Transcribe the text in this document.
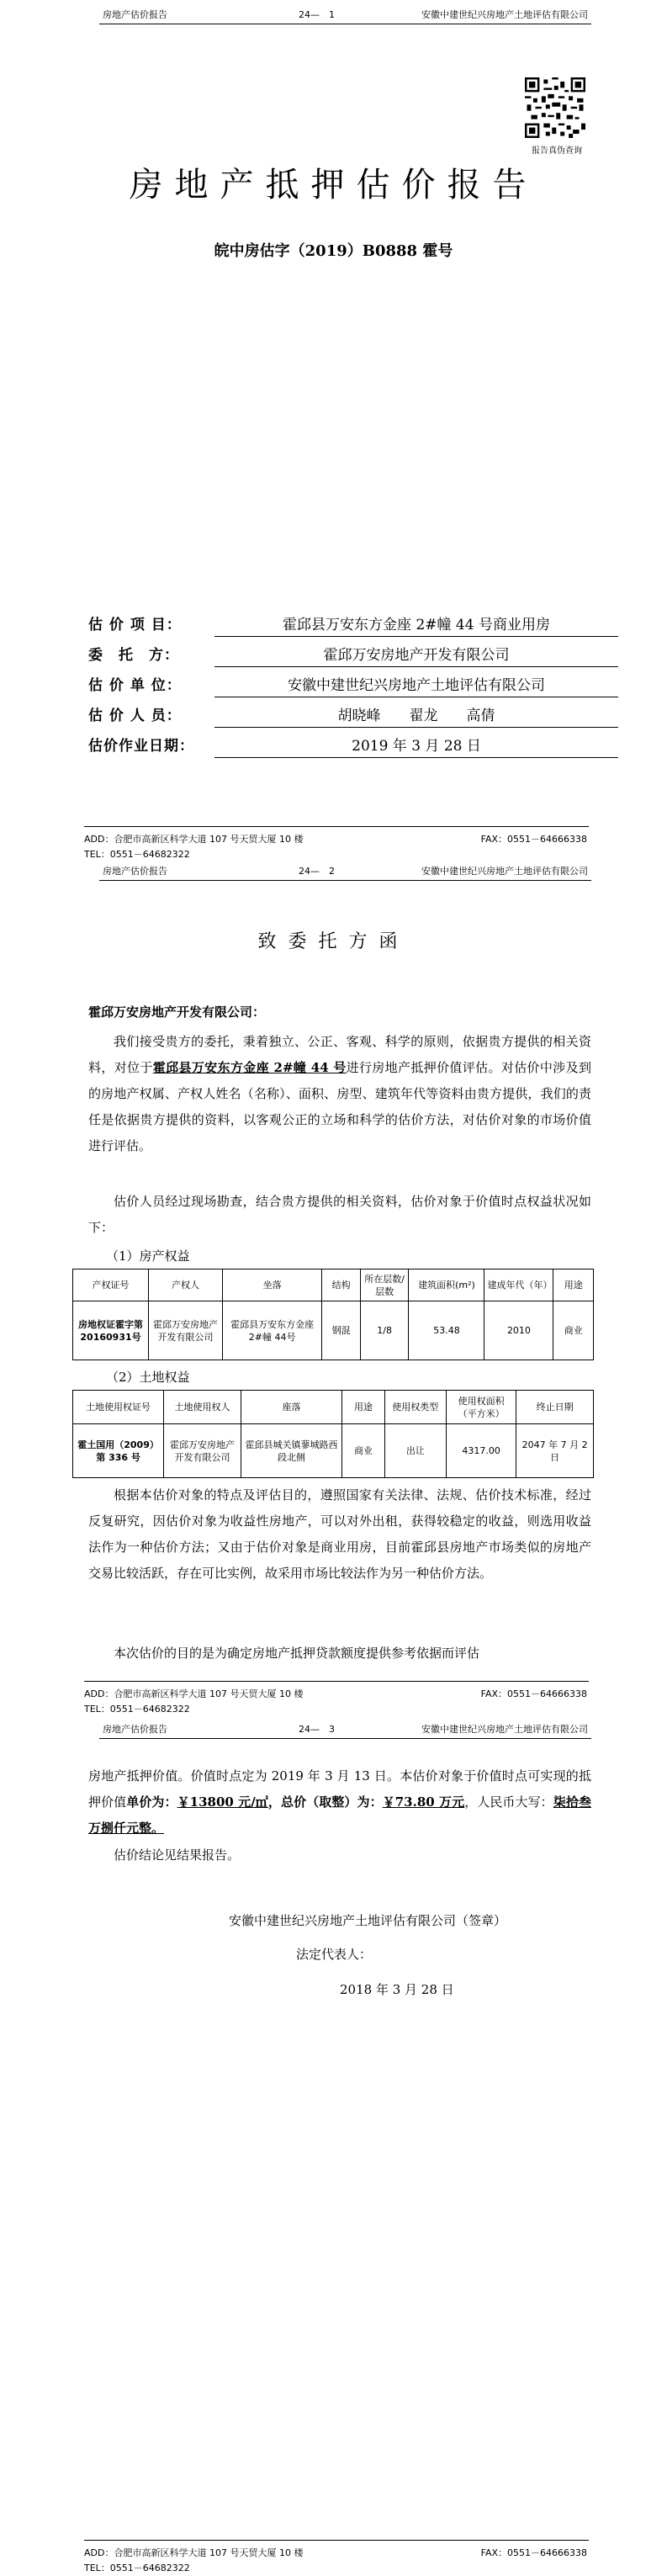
房地产估价报告	24—　1	安徽中建世纪兴房地产土地评估有限公司
报告真伪查询
房地产抵押估价报告
皖中房估字（2019）B0888 霍号
估 价 项 目：	霍邱县万安东方金座 2#幢 44 号商业用房
委　托　方：	霍邱万安房地产开发有限公司
估 价 单 位：	安徽中建世纪兴房地产土地评估有限公司
估 价 人 员：	胡晓峰　　翟龙　　高倩
估价作业日期：	2019 年 3 月 28 日
ADD：合肥市高新区科学大道 107 号天贸大厦 10 楼
TEL：0551－64682322
FAX：0551－64666338
房地产估价报告	24—　2	安徽中建世纪兴房地产土地评估有限公司
致委托方函
霍邱万安房地产开发有限公司：
我们接受贵方的委托，秉着独立、公正、客观、科学的原则，依据贵方提供的相关资料，对位于霍邱县万安东方金座 2#幢 44 号进行房地产抵押价值评估。对估价中涉及到的房地产权属、产权人姓名（名称）、面积、房型、建筑年代等资料由贵方提供，我们的责任是依据贵方提供的资料，以客观公正的立场和科学的估价方法，对估价对象的市场价值进行评估。
估价人员经过现场勘查，结合贵方提供的相关资料，估价对象于价值时点权益状况如下：
（1）房产权益
产权证号	产权人	坐落	结构	所在层数/层数	建筑面积(m²)	建成年代（年）	用途
房地权证霍字第20160931号	霍邱万安房地产开发有限公司	霍邱县万安东方金座 2#幢 44号	钢混	1/8	53.48	2010	商业
（2）土地权益
土地使用权证号	土地使用权人	座落	用途	使用权类型	使用权面积（平方米）	终止日期
霍土国用（2009）第 336 号	霍邱万安房地产开发有限公司	霍邱县城关镇蓼城路西段北侧	商业	出让	4317.00	2047 年 7 月 2 日
根据本估价对象的特点及评估目的，遵照国家有关法律、法规、估价技术标准，经过反复研究，因估价对象为收益性房地产，可以对外出租，获得较稳定的收益，则选用收益法作为一种估价方法；又由于估价对象是商业用房，目前霍邱县房地产市场类似的房地产交易比较活跃，存在可比实例，故采用市场比较法作为另一种估价方法。
本次估价的目的是为确定房地产抵押贷款额度提供参考依据而评估
ADD：合肥市高新区科学大道 107 号天贸大厦 10 楼
TEL：0551－64682322
FAX：0551－64666338
房地产估价报告	24—　3	安徽中建世纪兴房地产土地评估有限公司
房地产抵押价值。价值时点定为 2019 年 3 月 13 日。本估价对象于价值时点可实现的抵押价值单价为：￥13800 元/㎡，总价（取整）为：￥73.80 万元，人民币大写：柒拾叁万捌仟元整。
估价结论见结果报告。
安徽中建世纪兴房地产土地评估有限公司（签章）
法定代表人：
2018 年 3 月 28 日
ADD：合肥市高新区科学大道 107 号天贸大厦 10 楼
TEL：0551－64682322
FAX：0551－64666338
